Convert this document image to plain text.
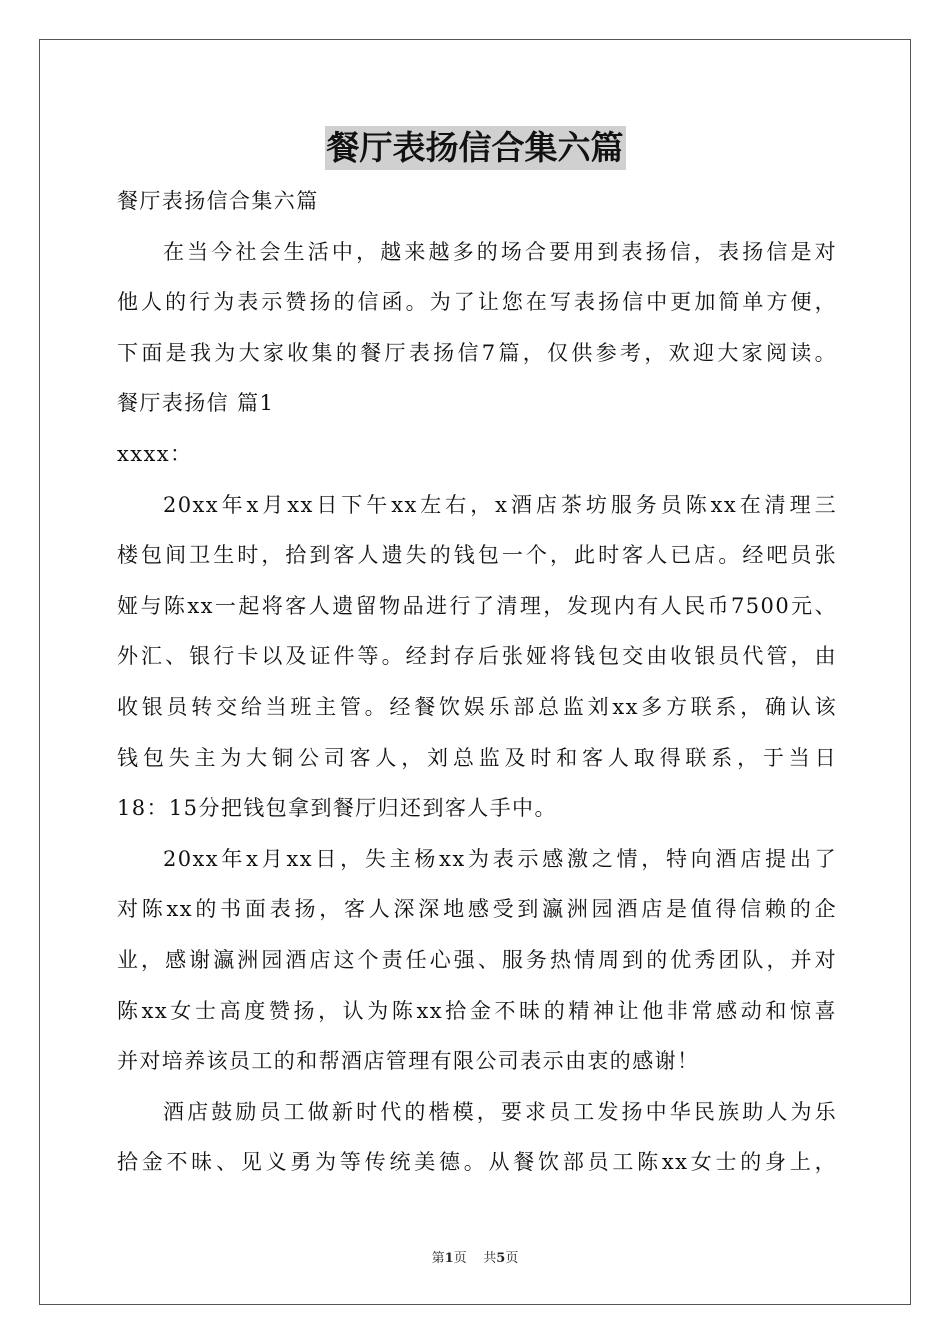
餐厅表扬信合集六篇
餐厅表扬信合集六篇
在当今社会生活中，越来越多的场合要用到表扬信，表扬信是对
他人的行为表示赞扬的信函。为了让您在写表扬信中更加简单方便，
下面是我为大家收集的餐厅表扬信7篇，仅供参考，欢迎大家阅读。
餐厅表扬信 篇1
xxxx：
20xx年x月xx日下午xx左右，x酒店茶坊服务员陈xx在清理三
楼包间卫生时，拾到客人遗失的钱包一个，此时客人已店。经吧员张
娅与陈xx一起将客人遗留物品进行了清理，发现内有人民币7500元、
外汇、银行卡以及证件等。经封存后张娅将钱包交由收银员代管，由
收银员转交给当班主管。经餐饮娱乐部总监刘xx多方联系，确认该
钱包失主为大铜公司客人，刘总监及时和客人取得联系，于当日
18：15分把钱包拿到餐厅归还到客人手中。
20xx年x月xx日，失主杨xx为表示感激之情，特向酒店提出了
对陈xx的书面表扬，客人深深地感受到瀛洲园酒店是值得信赖的企
业，感谢瀛洲园酒店这个责任心强、服务热情周到的优秀团队，并对
陈xx女士高度赞扬，认为陈xx拾金不昧的精神让他非常感动和惊喜
并对培养该员工的和帮酒店管理有限公司表示由衷的感谢！
酒店鼓励员工做新时代的楷模，要求员工发扬中华民族助人为乐
拾金不昧、见义勇为等传统美德。从餐饮部员工陈xx女士的身上，
第1页 共5页
